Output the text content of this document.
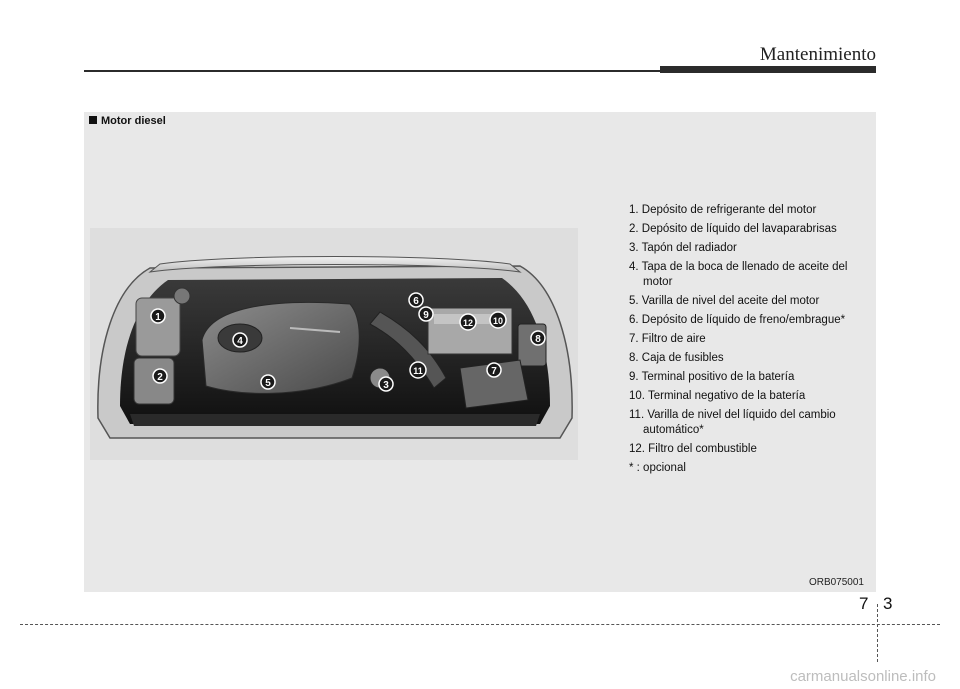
Mantenimiento
Motor diesel
1
2
3
4
5
6
7
8
9	10
11
12
1. Depósito de refrigerante del motor
2. Depósito de líquido del lavaparabrisas
3. Tapón del radiador
4. Tapa de la boca de llenado de aceite del motor
5. Varilla de nivel del aceite del motor
6. Depósito de líquido de freno/embrague*
7. Filtro de aire
8. Caja de fusibles
9. Terminal positivo de la batería
10. Terminal negativo de la batería
11. Varilla de nivel del líquido del cambio automático*
12. Filtro del combustible
* : opcional
ORB075001
7 3
carmanualsonline.info
